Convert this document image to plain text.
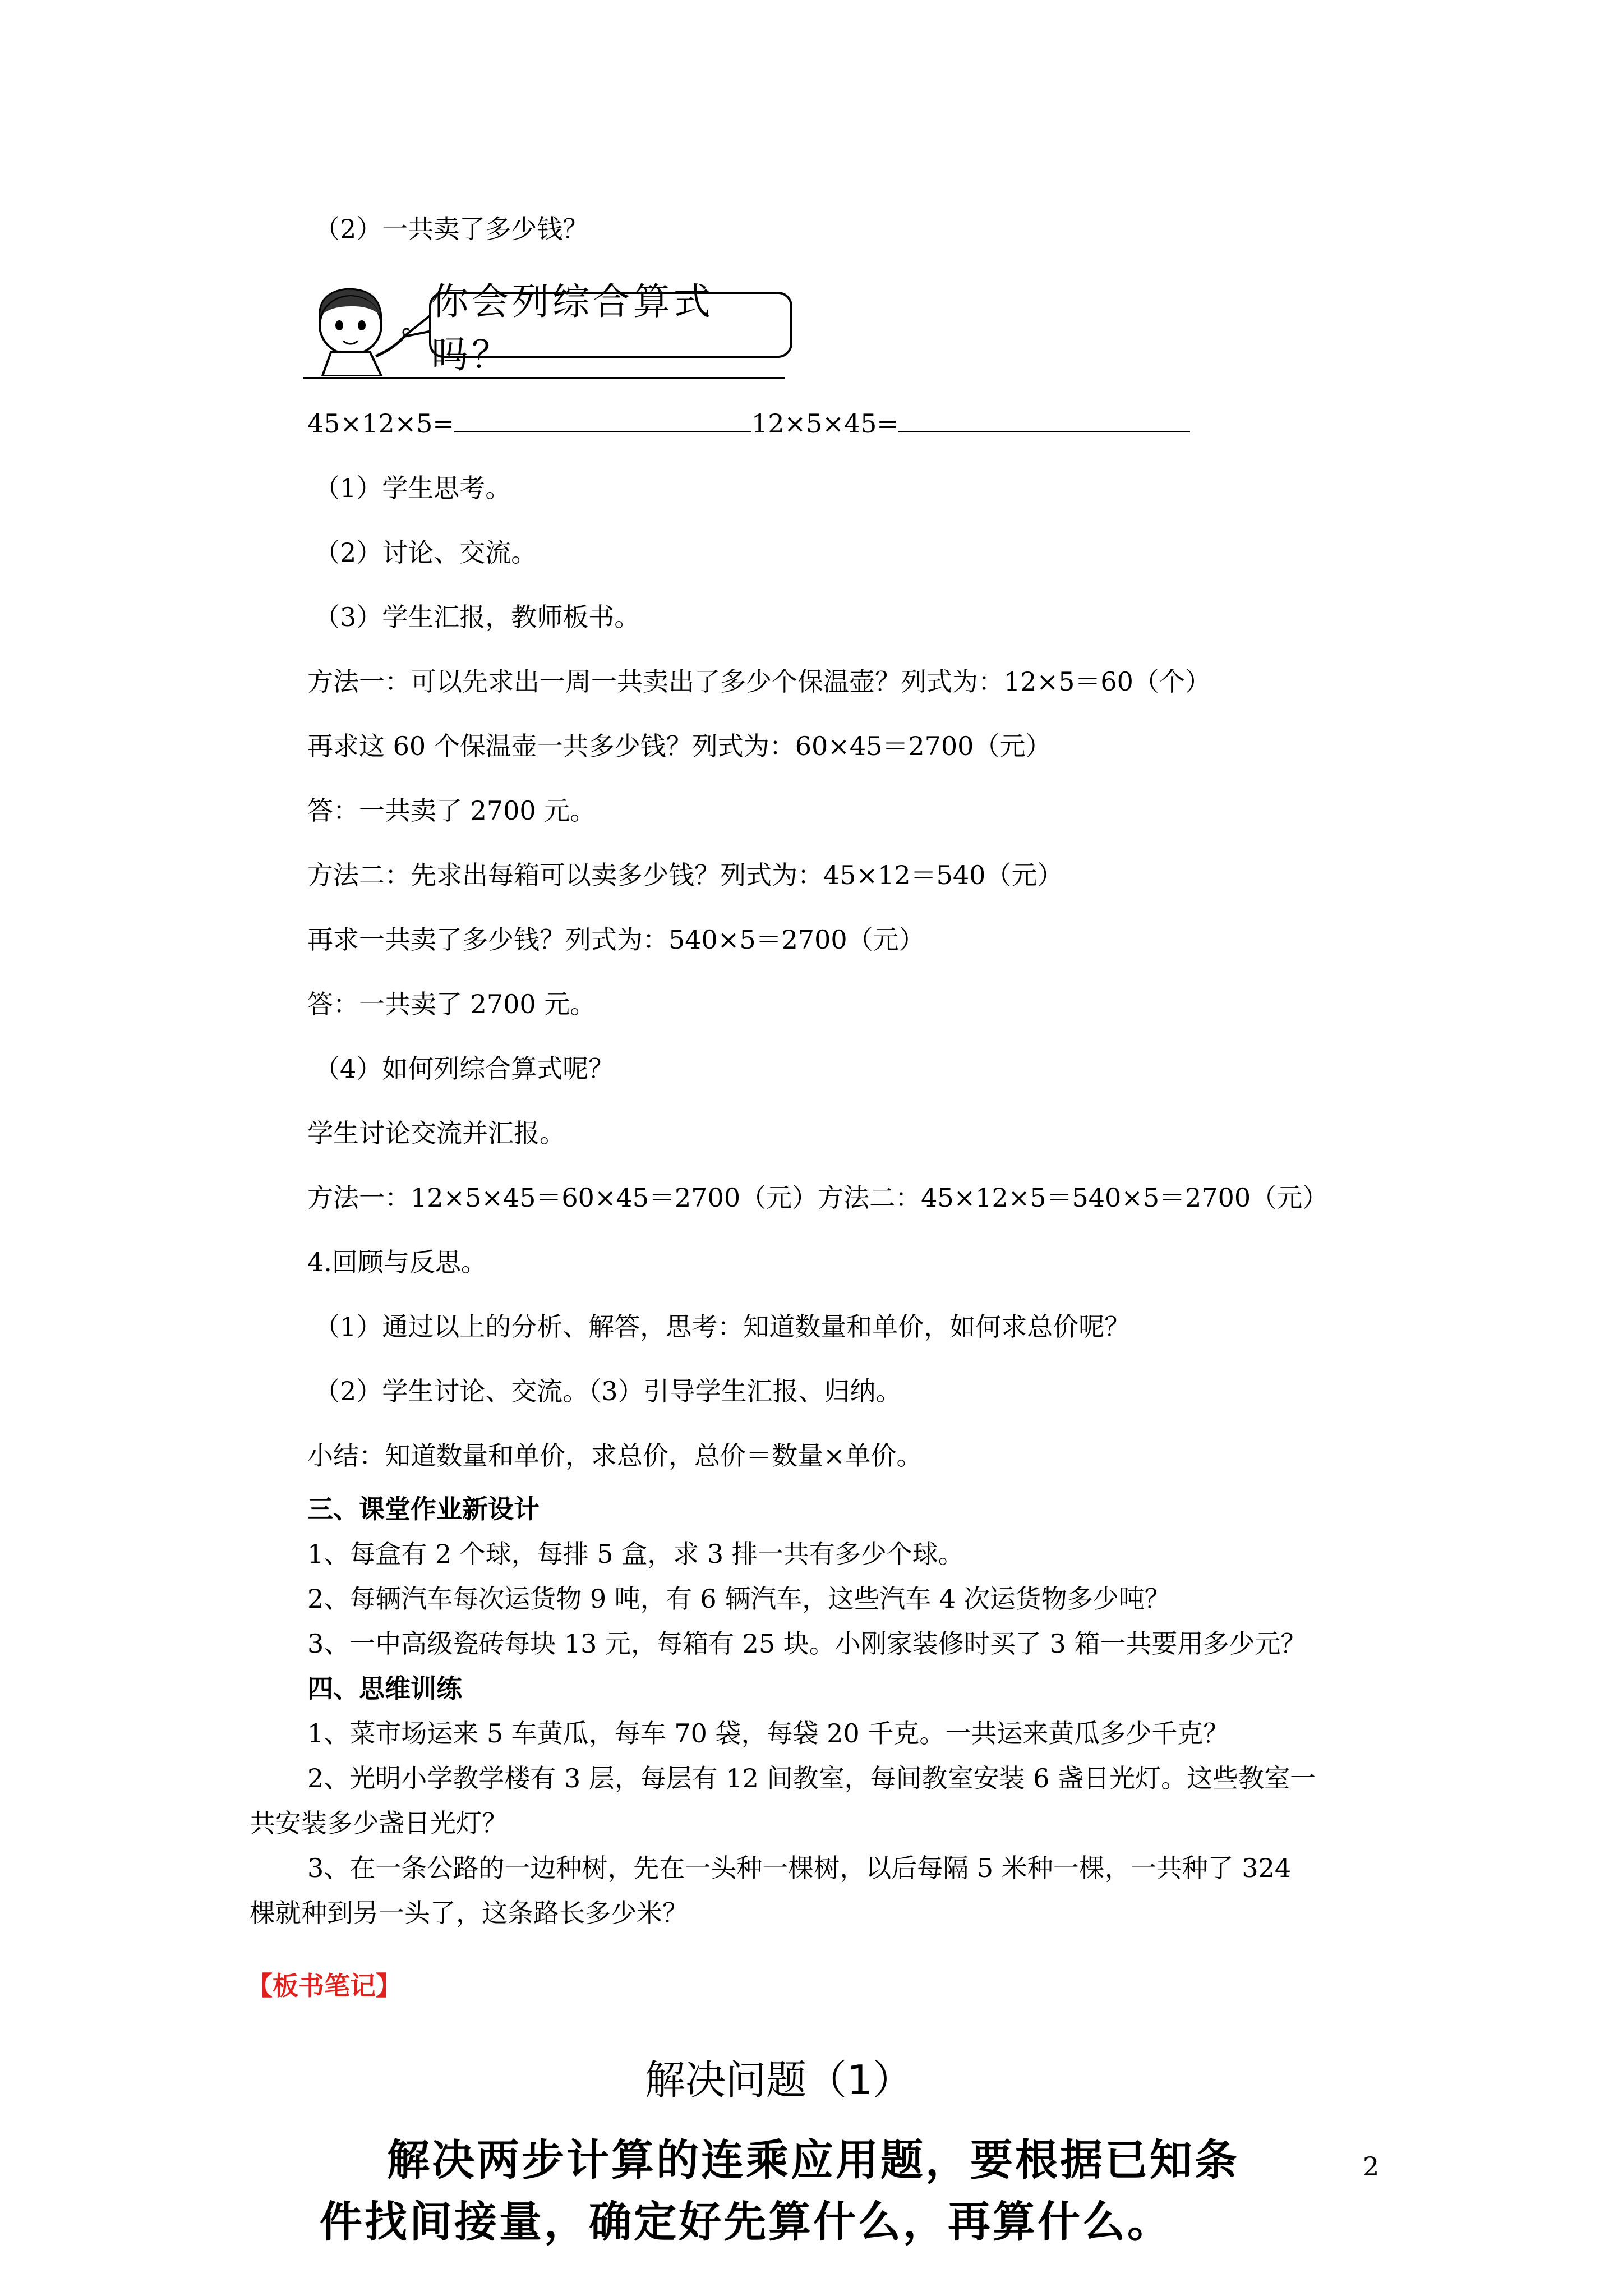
（2）一共卖了多少钱？
你会列综合算式吗？
45×12×5=	12×5×45=
（1）学生思考。
（2）讨论、交流。
（3）学生汇报，教师板书。
方法一：可以先求出一周一共卖出了多少个保温壶？列式为：12×5＝60（个）
再求这 60 个保温壶一共多少钱？列式为：60×45＝2700（元）
答：一共卖了 2700 元。
方法二：先求出每箱可以卖多少钱？列式为：45×12＝540（元）
再求一共卖了多少钱？列式为：540×5＝2700（元）
答：一共卖了 2700 元。
（4）如何列综合算式呢？
学生讨论交流并汇报。
方法一：12×5×45＝60×45＝2700（元）方法二：45×12×5＝540×5＝2700（元）
4.回顾与反思。
（1）通过以上的分析、解答，思考：知道数量和单价，如何求总价呢？
（2）学生讨论、交流。（3）引导学生汇报、归纳。
小结：知道数量和单价，求总价，总价＝数量×单价。
三、课堂作业新设计
1、每盒有 2 个球，每排 5 盒，求 3 排一共有多少个球。
2、每辆汽车每次运货物 9 吨，有 6 辆汽车，这些汽车 4 次运货物多少吨？
3、一中高级瓷砖每块 13 元，每箱有 25 块。小刚家装修时买了 3 箱一共要用多少元？
四、思维训练
1、菜市场运来 5 车黄瓜，每车 70 袋，每袋 20 千克。一共运来黄瓜多少千克？
2、光明小学教学楼有 3 层，每层有 12 间教室，每间教室安装 6 盏日光灯。这些教室一
共安装多少盏日光灯？
3、在一条公路的一边种树，先在一头种一棵树，以后每隔 5 米种一棵，一共种了 324
棵就种到另一头了，这条路长多少米？
【板书笔记】
解决问题（1）
解决两步计算的连乘应用题，要根据已知条
件找间接量，确定好先算什么，再算什么。
2
